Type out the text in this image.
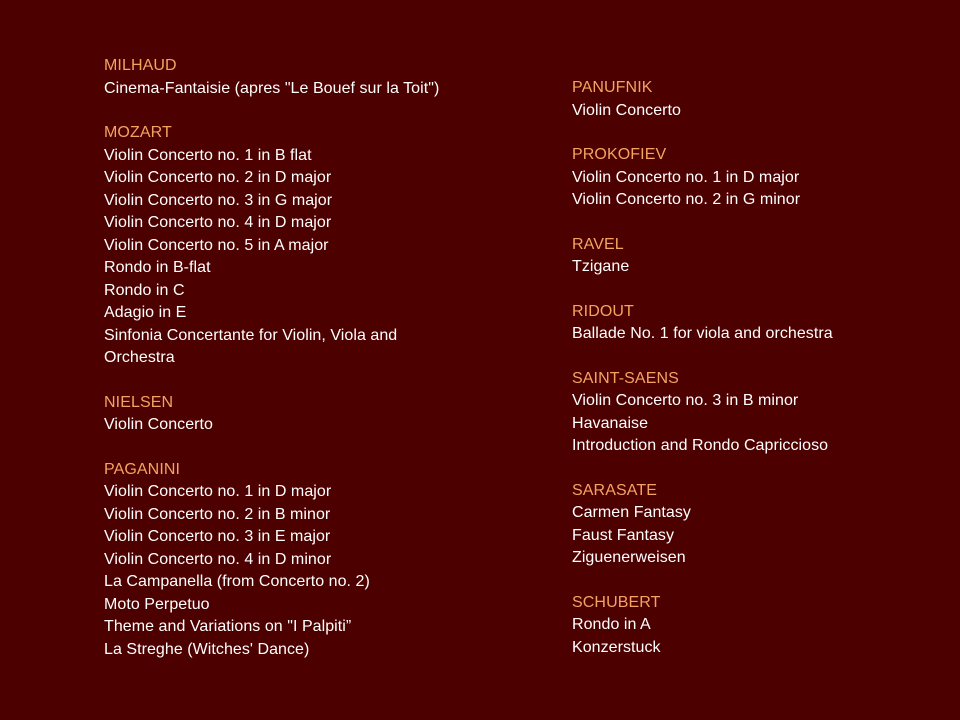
MILHAUD
Cinema-Fantaisie (apres "Le Bouef sur la Toit")
MOZART
Violin Concerto no. 1 in B flat
Violin Concerto no. 2 in D major
Violin Concerto no. 3 in G major
Violin Concerto no. 4 in D major
Violin Concerto no. 5 in A major
Rondo in B-flat
Rondo in C
Adagio in E
Sinfonia Concertante for Violin, Viola and Orchestra
NIELSEN
Violin Concerto
PAGANINI
Violin Concerto no. 1 in D major
Violin Concerto no. 2 in B minor
Violin Concerto no. 3 in E major
Violin Concerto no. 4 in D minor
La Campanella (from Concerto no. 2)
Moto Perpetuo
Theme and Variations on "I Palpiti”
La Streghe (Witches' Dance)
PANUFNIK
Violin Concerto
PROKOFIEV
Violin Concerto no. 1 in D major
Violin Concerto no. 2 in G minor
RAVEL
Tzigane
RIDOUT
Ballade No. 1 for viola and orchestra
SAINT-SAENS
Violin Concerto no. 3 in B minor
Havanaise
Introduction and Rondo Capriccioso
SARASATE
Carmen Fantasy
Faust Fantasy
Ziguenerweisen
SCHUBERT
Rondo in A
Konzerstuck
